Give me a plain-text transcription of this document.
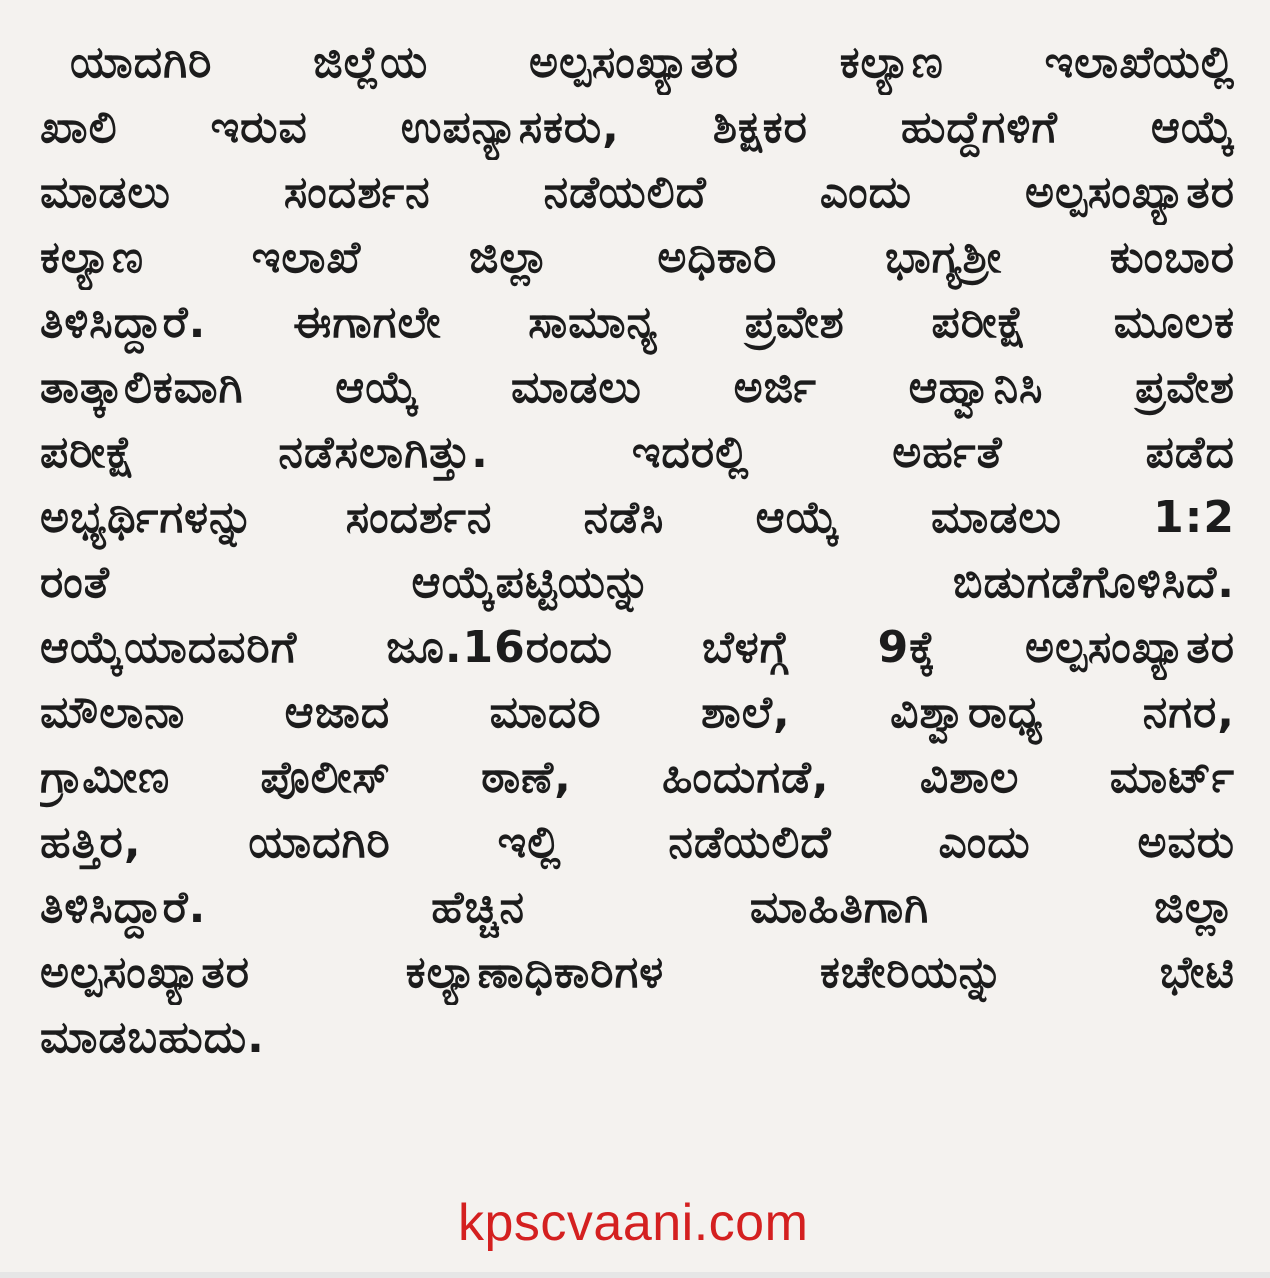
ಯಾದಗಿರಿ ಜಿಲ್ಲೆಯ ಅಲ್ಪಸಂಖ್ಯಾತರ ಕಲ್ಯಾಣ ಇಲಾಖೆಯಲ್ಲಿ
ಖಾಲಿ ಇರುವ ಉಪನ್ಯಾಸಕರು, ಶಿಕ್ಷಕರ ಹುದ್ದೆಗಳಿಗೆ ಆಯ್ಕೆ
ಮಾಡಲು ಸಂದರ್ಶನ ನಡೆಯಲಿದೆ ಎಂದು ಅಲ್ಪಸಂಖ್ಯಾತರ
ಕಲ್ಯಾಣ ಇಲಾಖೆ ಜಿಲ್ಲಾ ಅಧಿಕಾರಿ ಭಾಗ್ಯಶ್ರೀ ಕುಂಬಾರ
ತಿಳಿಸಿದ್ದಾರೆ. ಈಗಾಗಲೇ ಸಾಮಾನ್ಯ ಪ್ರವೇಶ ಪರೀಕ್ಷೆ ಮೂಲಕ
ತಾತ್ಕಾಲಿಕವಾಗಿ ಆಯ್ಕೆ ಮಾಡಲು ಅರ್ಜಿ ಆಹ್ವಾನಿಸಿ ಪ್ರವೇಶ
ಪರೀಕ್ಷೆ ನಡೆಸಲಾಗಿತ್ತು. ಇದರಲ್ಲಿ ಅರ್ಹತೆ ಪಡೆದ
ಅಭ್ಯರ್ಥಿಗಳನ್ನು ಸಂದರ್ಶನ ನಡೆಸಿ ಆಯ್ಕೆ ಮಾಡಲು 1:2
ರಂತೆ ಆಯ್ಕೆಪಟ್ಟಿಯನ್ನು ಬಿಡುಗಡೆಗೊಳಿಸಿದೆ.
ಆಯ್ಕೆಯಾದವರಿಗೆ ಜೂ.16ರಂದು ಬೆಳಗ್ಗೆ 9ಕ್ಕೆ ಅಲ್ಪಸಂಖ್ಯಾತರ
ಮೌಲಾನಾ ಆಜಾದ ಮಾದರಿ ಶಾಲೆ, ವಿಶ್ವಾರಾಧ್ಯ ನಗರ,
ಗ್ರಾಮೀಣ ಪೊಲೀಸ್ ಠಾಣೆ, ಹಿಂದುಗಡೆ, ವಿಶಾಲ ಮಾರ್ಟ್
ಹತ್ತಿರ, ಯಾದಗಿರಿ ಇಲ್ಲಿ ನಡೆಯಲಿದೆ ಎಂದು ಅವರು
ತಿಳಿಸಿದ್ದಾರೆ. ಹೆಚ್ಚಿನ ಮಾಹಿತಿಗಾಗಿ ಜಿಲ್ಲಾ
ಅಲ್ಪಸಂಖ್ಯಾತರ ಕಲ್ಯಾಣಾಧಿಕಾರಿಗಳ ಕಚೇರಿಯನ್ನು ಭೇಟಿ
ಮಾಡಬಹುದು.
kpscvaani.com
